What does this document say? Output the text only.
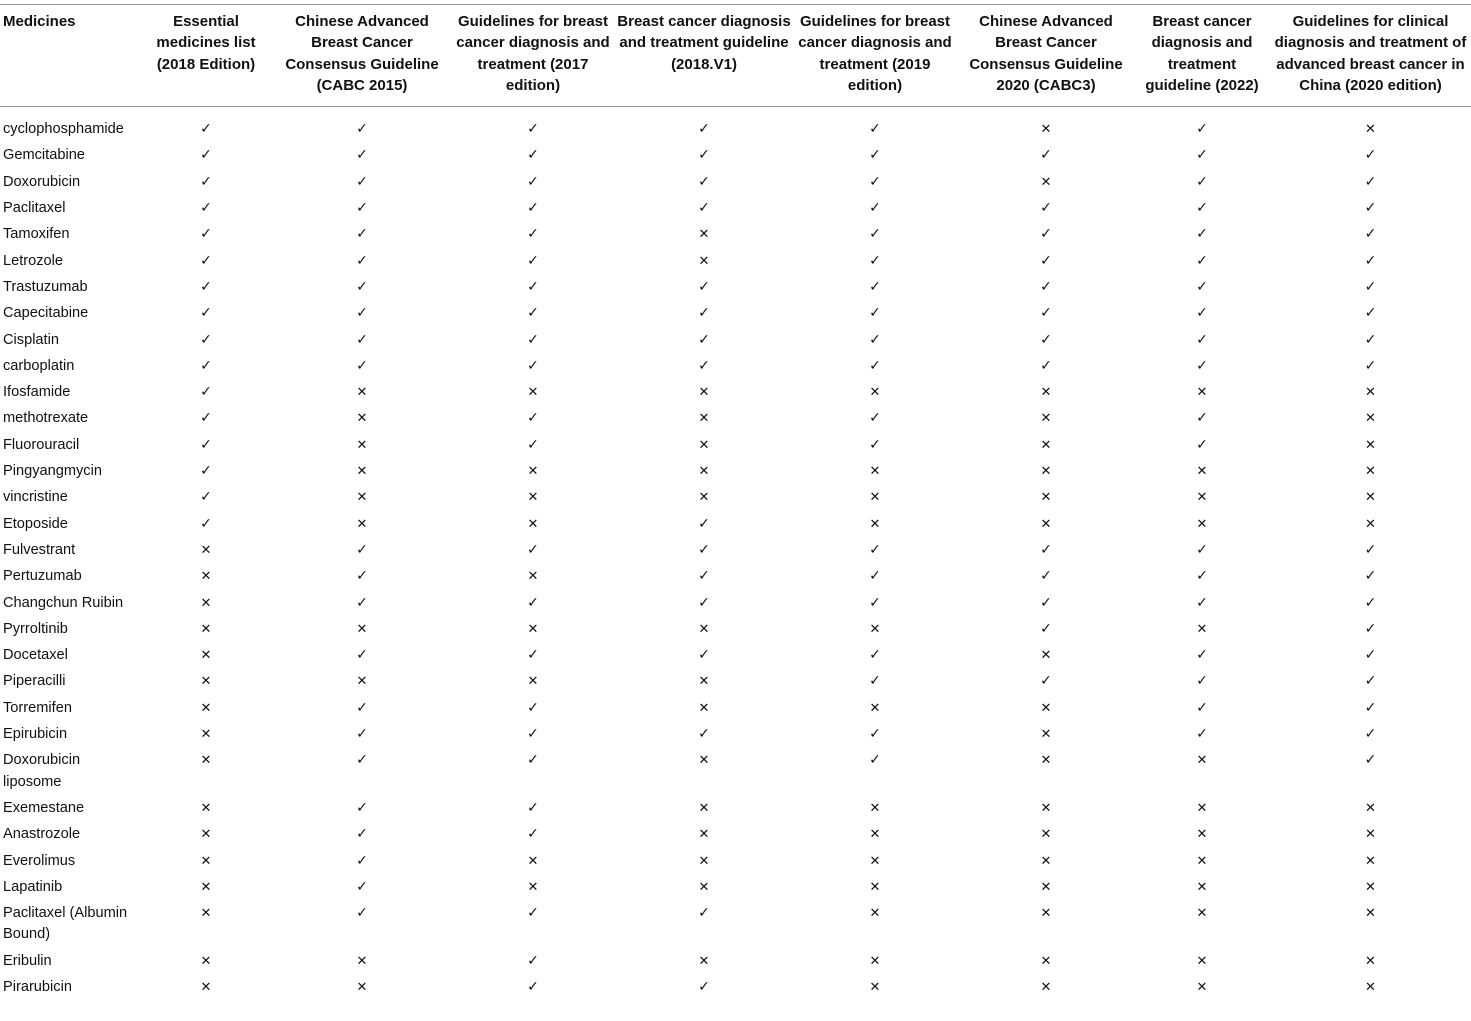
Medicines	Essential medicines list (2018 Edition)	Chinese Advanced Breast Cancer Consensus Guideline (CABC 2015)	Guidelines for breast cancer diagnosis and treatment (2017 edition)	Breast cancer diagnosis and treatment guideline (2018.V1)	Guidelines for breast cancer diagnosis and treatment (2019 edition)	Chinese Advanced Breast Cancer Consensus Guideline 2020 (CABC3)	Breast cancer diagnosis and treatment guideline (2022)	Guidelines for clinical diagnosis and treatment of advanced breast cancer in China (2020 edition)
cyclophosphamide	✓	✓	✓	✓	✓	✕	✓	✕
Gemcitabine	✓	✓	✓	✓	✓	✓	✓	✓
Doxorubicin	✓	✓	✓	✓	✓	✕	✓	✓
Paclitaxel	✓	✓	✓	✓	✓	✓	✓	✓
Tamoxifen	✓	✓	✓	✕	✓	✓	✓	✓
Letrozole	✓	✓	✓	✕	✓	✓	✓	✓
Trastuzumab	✓	✓	✓	✓	✓	✓	✓	✓
Capecitabine	✓	✓	✓	✓	✓	✓	✓	✓
Cisplatin	✓	✓	✓	✓	✓	✓	✓	✓
carboplatin	✓	✓	✓	✓	✓	✓	✓	✓
Ifosfamide	✓	✕	✕	✕	✕	✕	✕	✕
methotrexate	✓	✕	✓	✕	✓	✕	✓	✕
Fluorouracil	✓	✕	✓	✕	✓	✕	✓	✕
Pingyangmycin	✓	✕	✕	✕	✕	✕	✕	✕
vincristine	✓	✕	✕	✕	✕	✕	✕	✕
Etoposide	✓	✕	✕	✓	✕	✕	✕	✕
Fulvestrant	✕	✓	✓	✓	✓	✓	✓	✓
Pertuzumab	✕	✓	✕	✓	✓	✓	✓	✓
Changchun Ruibin	✕	✓	✓	✓	✓	✓	✓	✓
Pyrroltinib	✕	✕	✕	✕	✕	✓	✕	✓
Docetaxel	✕	✓	✓	✓	✓	✕	✓	✓
Piperacilli	✕	✕	✕	✕	✓	✓	✓	✓
Torremifen	✕	✓	✓	✕	✕	✕	✓	✓
Epirubicin	✕	✓	✓	✓	✓	✕	✓	✓
Doxorubicin liposome	✕	✓	✓	✕	✓	✕	✕	✓
Exemestane	✕	✓	✓	✕	✕	✕	✕	✕
Anastrozole	✕	✓	✓	✕	✕	✕	✕	✕
Everolimus	✕	✓	✕	✕	✕	✕	✕	✕
Lapatinib	✕	✓	✕	✕	✕	✕	✕	✕
Paclitaxel (Albumin Bound)	✕	✓	✓	✓	✕	✕	✕	✕
Eribulin	✕	✕	✓	✕	✕	✕	✕	✕
Pirarubicin	✕	✕	✓	✓	✕	✕	✕	✕
